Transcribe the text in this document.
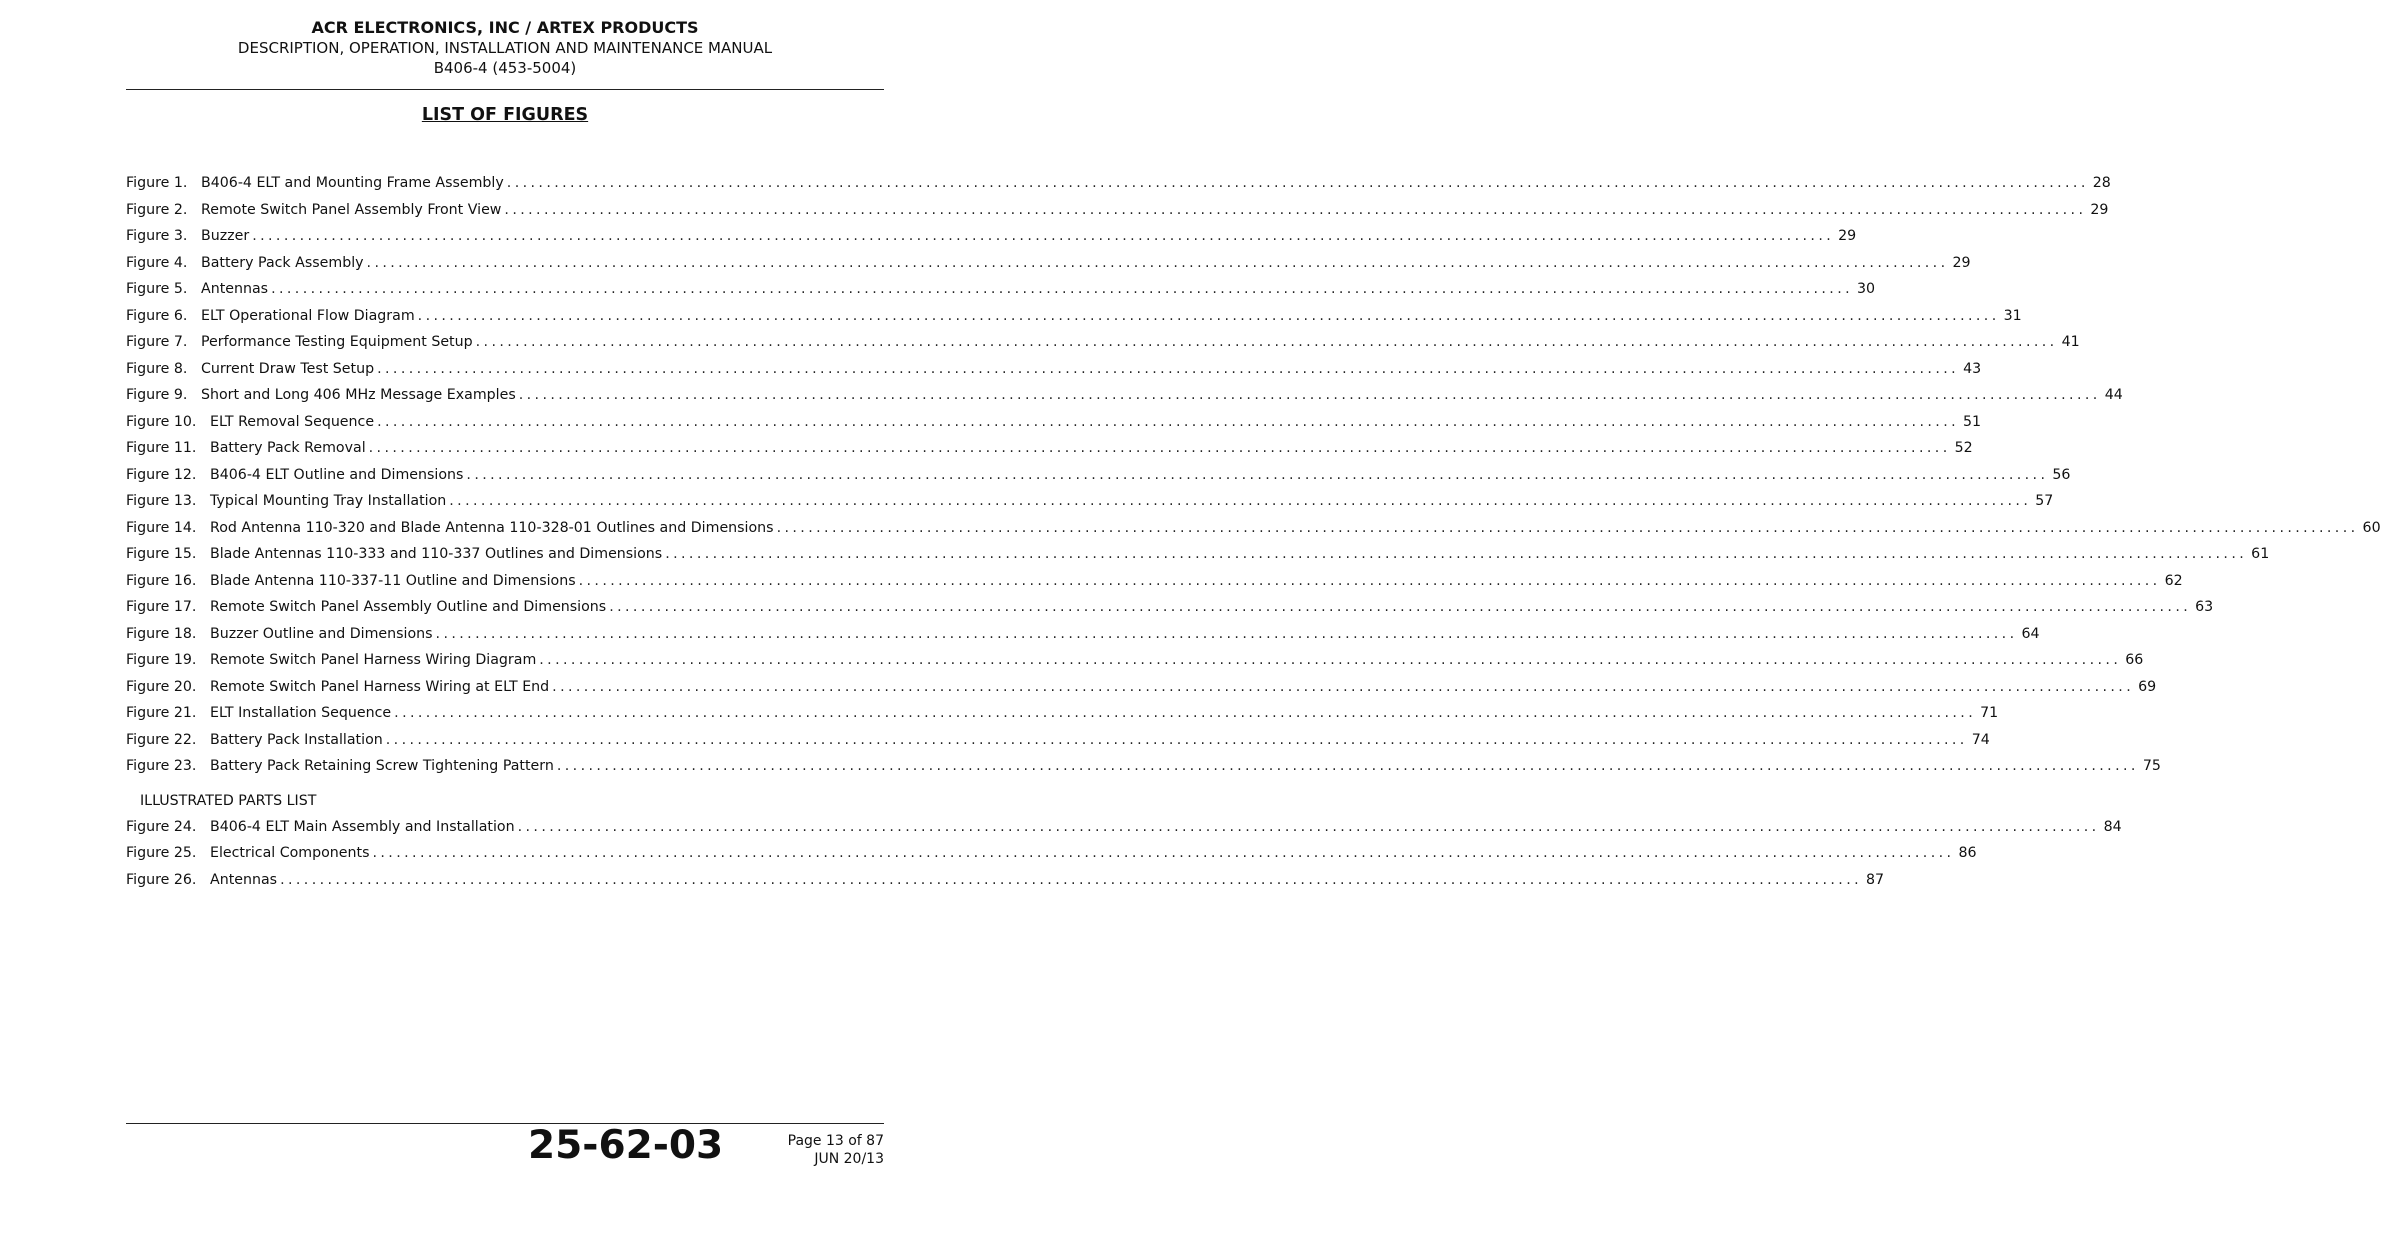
ACR ELECTRONICS, INC / ARTEX PRODUCTS
DESCRIPTION, OPERATION, INSTALLATION AND MAINTENANCE MANUAL
B406-4 (453-5004)
LIST OF FIGURES
Figure 1. B406-4 ELT and Mounting Frame Assembly ........................................................................................................................................................................................................ 28
Figure 2. Remote Switch Panel Assembly Front View ........................................................................................................................................................................................................ 29
Figure 3. Buzzer ........................................................................................................................................................................................................ 29
Figure 4. Battery Pack Assembly ........................................................................................................................................................................................................ 29
Figure 5. Antennas ........................................................................................................................................................................................................ 30
Figure 6. ELT Operational Flow Diagram ........................................................................................................................................................................................................ 31
Figure 7. Performance Testing Equipment Setup ........................................................................................................................................................................................................ 41
Figure 8. Current Draw Test Setup ........................................................................................................................................................................................................ 43
Figure 9. Short and Long 406 MHz Message Examples ........................................................................................................................................................................................................ 44
Figure 10. ELT Removal Sequence ........................................................................................................................................................................................................ 51
Figure 11. Battery Pack Removal ........................................................................................................................................................................................................ 52
Figure 12. B406-4 ELT Outline and Dimensions ........................................................................................................................................................................................................ 56
Figure 13. Typical Mounting Tray Installation ........................................................................................................................................................................................................ 57
Figure 14. Rod Antenna 110-320 and Blade Antenna 110-328-01 Outlines and Dimensions ........................................................................................................................................................................................................ 60
Figure 15. Blade Antennas 110-333 and 110-337 Outlines and Dimensions ........................................................................................................................................................................................................ 61
Figure 16. Blade Antenna 110-337-11 Outline and Dimensions ........................................................................................................................................................................................................ 62
Figure 17. Remote Switch Panel Assembly Outline and Dimensions ........................................................................................................................................................................................................ 63
Figure 18. Buzzer Outline and Dimensions ........................................................................................................................................................................................................ 64
Figure 19. Remote Switch Panel Harness Wiring Diagram ........................................................................................................................................................................................................ 66
Figure 20. Remote Switch Panel Harness Wiring at ELT End ........................................................................................................................................................................................................ 69
Figure 21. ELT Installation Sequence ........................................................................................................................................................................................................ 71
Figure 22. Battery Pack Installation ........................................................................................................................................................................................................ 74
Figure 23. Battery Pack Retaining Screw Tightening Pattern ........................................................................................................................................................................................................ 75
ILLUSTRATED PARTS LIST
Figure 24. B406-4 ELT Main Assembly and Installation ........................................................................................................................................................................................................ 84
Figure 25. Electrical Components ........................................................................................................................................................................................................ 86
Figure 26. Antennas ........................................................................................................................................................................................................ 87
25-62-03	Page 13 of 87
JUN 20/13
